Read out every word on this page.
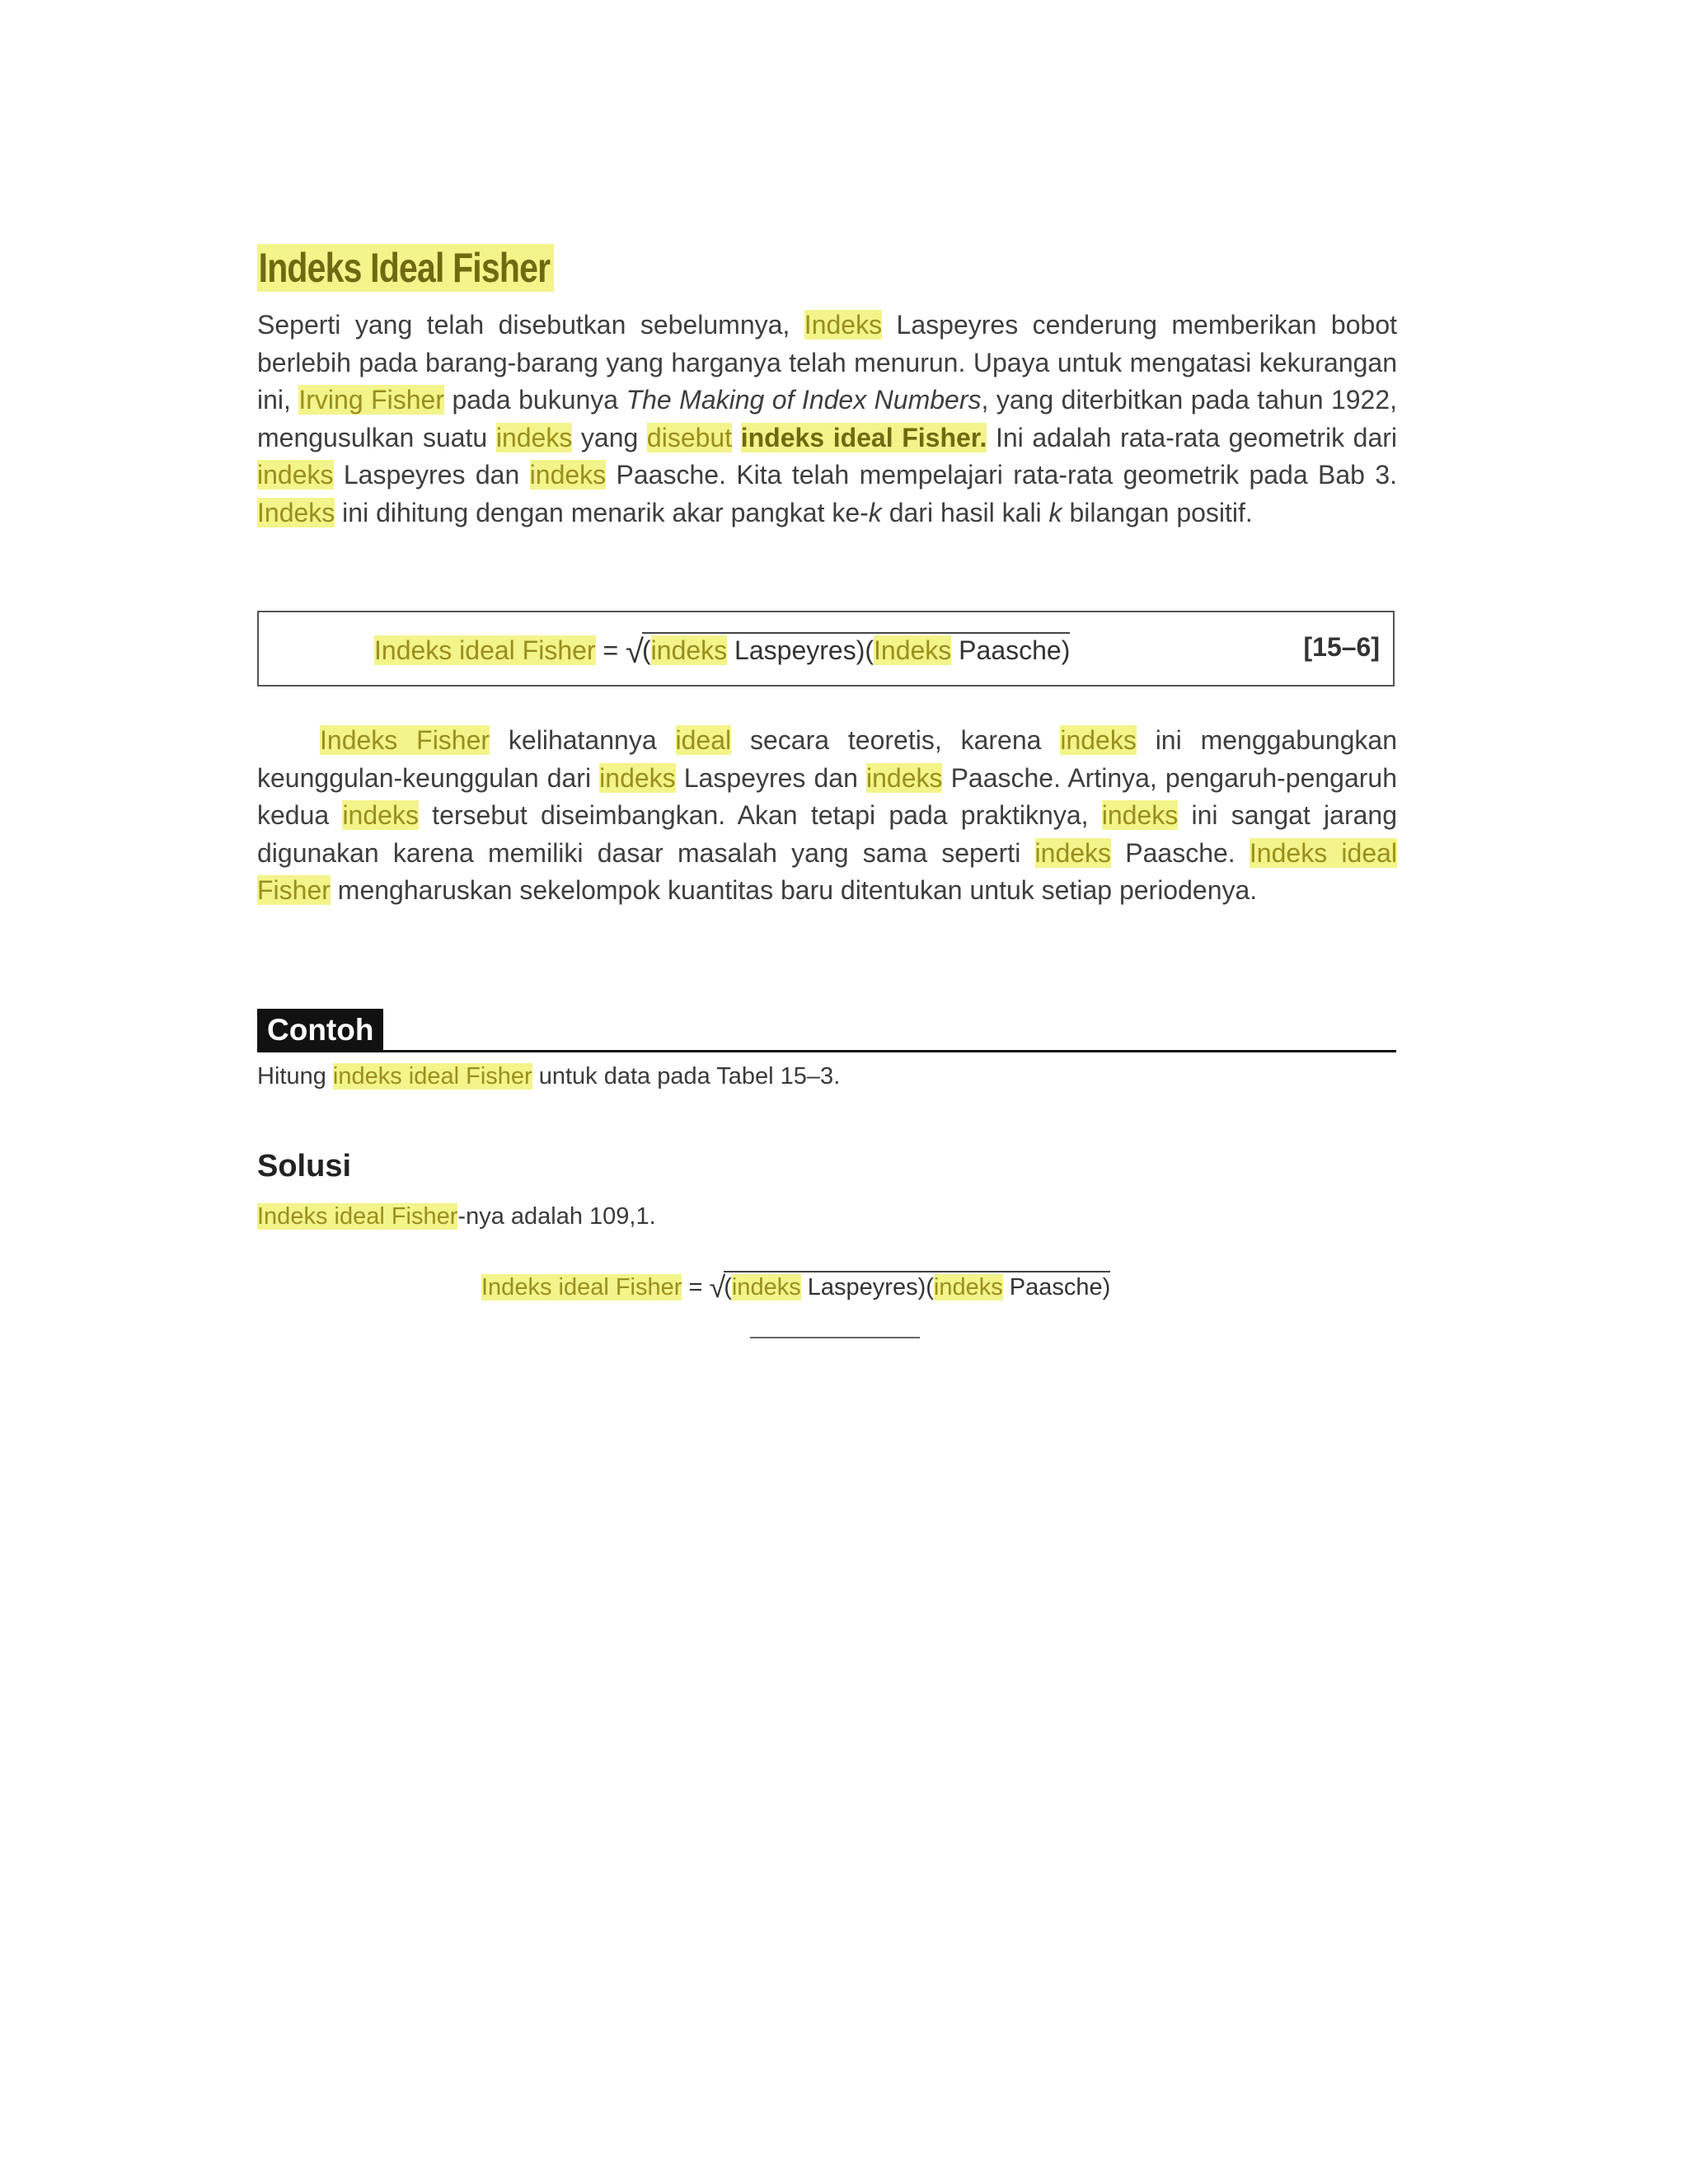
Indeks Ideal Fisher

Seperti yang telah disebutkan sebelumnya, Indeks Laspeyres cenderung memberikan bobot berlebih pada barang-barang yang harganya telah menurun. Upaya untuk mengatasi kekurangan ini, Irving Fisher pada bukunya The Making of Index Numbers, yang diterbitkan pada tahun 1922, mengusulkan suatu indeks yang disebut indeks ideal Fisher. Ini adalah rata-rata geometrik dari indeks Laspeyres dan indeks Paasche. Kita telah mempelajari rata-rata geometrik pada Bab 3. Indeks ini dihitung dengan menarik akar pangkat ke-k dari hasil kali k bilangan positif.

Indeks ideal Fisher = √(indeks Laspeyres)(Indeks Paasche)	[15–6]

Indeks Fisher kelihatannya ideal secara teoretis, karena indeks ini menggabungkan keunggulan-keunggulan dari indeks Laspeyres dan indeks Paasche. Artinya, pengaruh-pengaruh kedua indeks tersebut diseimbangkan. Akan tetapi pada praktiknya, indeks ini sangat jarang digunakan karena memiliki dasar masalah yang sama seperti indeks Paasche. Indeks ideal Fisher mengharuskan sekelompok kuantitas baru ditentukan untuk setiap periodenya.

Contoh
Hitung indeks ideal Fisher untuk data pada Tabel 15–3.
Solusi
Indeks ideal Fisher-nya adalah 109,1.
Indeks ideal Fisher = √(indeks Laspeyres)(indeks Paasche)
